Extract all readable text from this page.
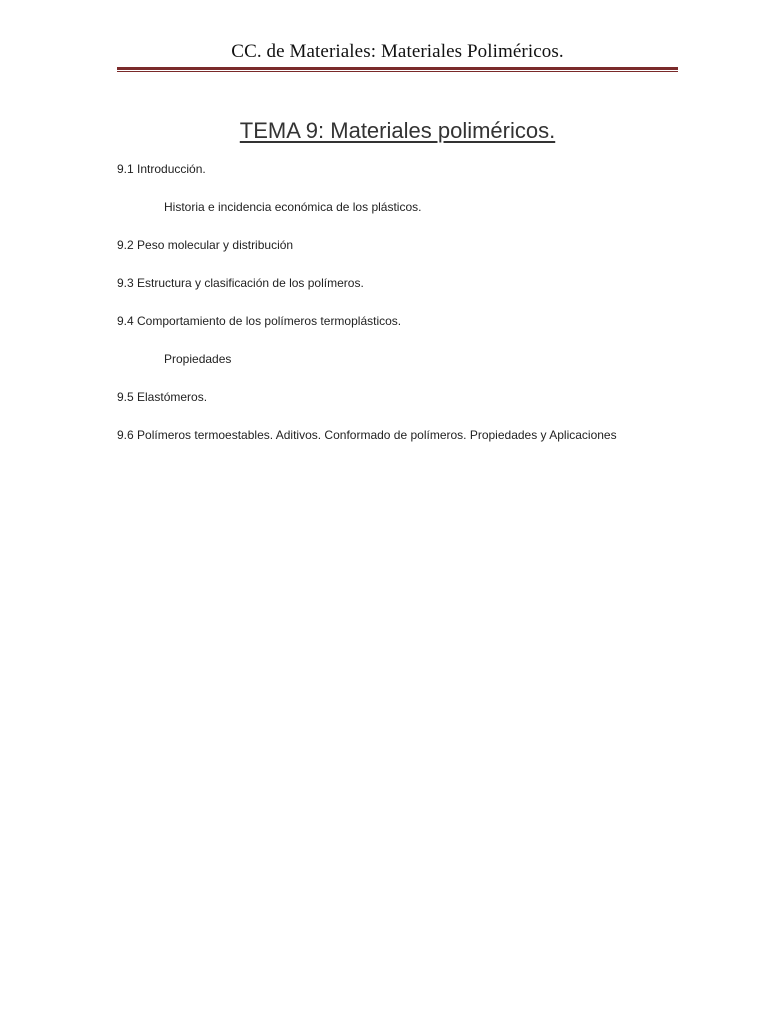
CC. de Materiales: Materiales Poliméricos.
TEMA 9: Materiales poliméricos.
9.1 Introducción.
Historia e incidencia económica de los plásticos.
9.2 Peso molecular y distribución
9.3 Estructura y clasificación de los polímeros.
9.4 Comportamiento de los polímeros termoplásticos.
Propiedades
9.5 Elastómeros.
9.6 Polímeros termoestables. Aditivos. Conformado de polímeros. Propiedades y Aplicaciones
